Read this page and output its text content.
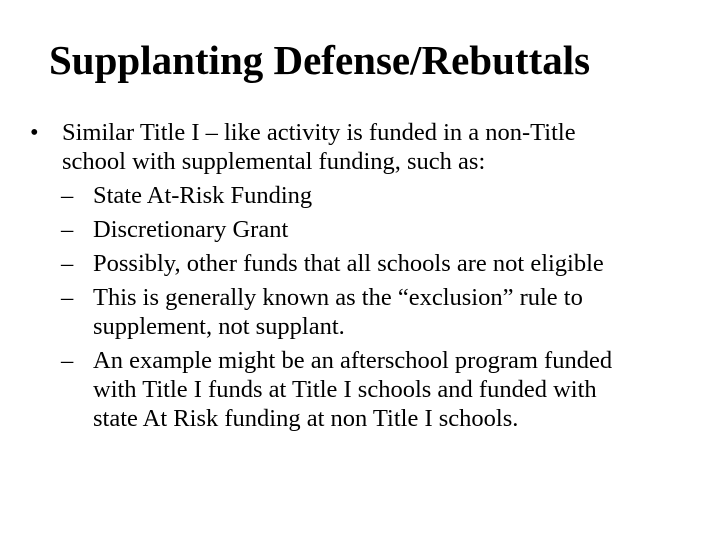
Supplanting Defense/Rebuttals
• Similar Title I – like activity is funded in a non-Title school with supplemental funding, such as:
– State At-Risk Funding
– Discretionary Grant
– Possibly, other funds that all schools are not eligible
– This is generally known as the “exclusion” rule to supplement, not supplant.
– An example might be an afterschool program funded with Title I funds at Title I schools and funded with state At Risk funding at non Title I schools.
